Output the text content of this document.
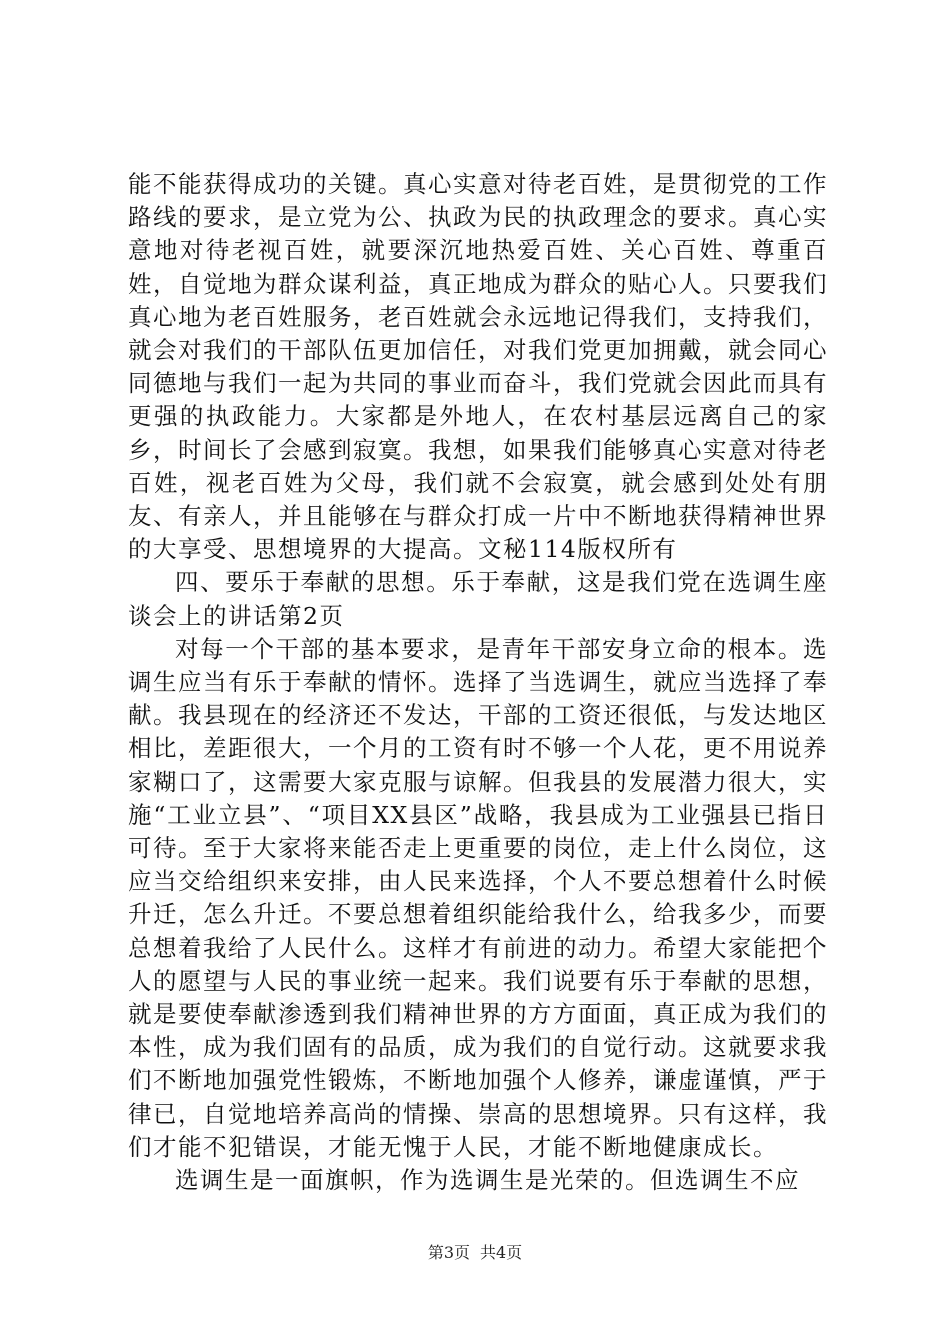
能不能获得成功的关键。真心实意对待老百姓，是贯彻党的工作路线的要求，是立党为公、执政为民的执政理念的要求。真心实意地对待老视百姓，就要深沉地热爱百姓、关心百姓、尊重百姓，自觉地为群众谋利益，真正地成为群众的贴心人。只要我们真心地为老百姓服务，老百姓就会永远地记得我们，支持我们，就会对我们的干部队伍更加信任，对我们党更加拥戴，就会同心同德地与我们一起为共同的事业而奋斗，我们党就会因此而具有更强的执政能力。大家都是外地人，在农村基层远离自己的家乡，时间长了会感到寂寞。我想，如果我们能够真心实意对待老百姓，视老百姓为父母，我们就不会寂寞，就会感到处处有朋友、有亲人，并且能够在与群众打成一片中不断地获得精神世界的大享受、思想境界的大提高。文秘114版权所有

四、要乐于奉献的思想。乐于奉献，这是我们党在选调生座谈会上的讲话第2页

对每一个干部的基本要求，是青年干部安身立命的根本。选调生应当有乐于奉献的情怀。选择了当选调生，就应当选择了奉献。我县现在的经济还不发达，干部的工资还很低，与发达地区相比，差距很大，一个月的工资有时不够一个人花，更不用说养家糊口了，这需要大家克服与谅解。但我县的发展潜力很大，实施“工业立县”、“项目XX县区”战略，我县成为工业强县已指日可待。至于大家将来能否走上更重要的岗位，走上什么岗位，这应当交给组织来安排，由人民来选择，个人不要总想着什么时候升迁，怎么升迁。不要总想着组织能给我什么，给我多少，而要总想着我给了人民什么。这样才有前进的动力。希望大家能把个人的愿望与人民的事业统一起来。我们说要有乐于奉献的思想，就是要使奉献渗透到我们精神世界的方方面面，真正成为我们的本性，成为我们固有的品质，成为我们的自觉行动。这就要求我们不断地加强党性锻炼，不断地加强个人修养，谦虚谨慎，严于律已，自觉地培养高尚的情操、崇高的思想境界。只有这样，我们才能不犯错误，才能无愧于人民，才能不断地健康成长。

选调生是一面旗帜，作为选调生是光荣的。但选调生不应

第3页 共4页
